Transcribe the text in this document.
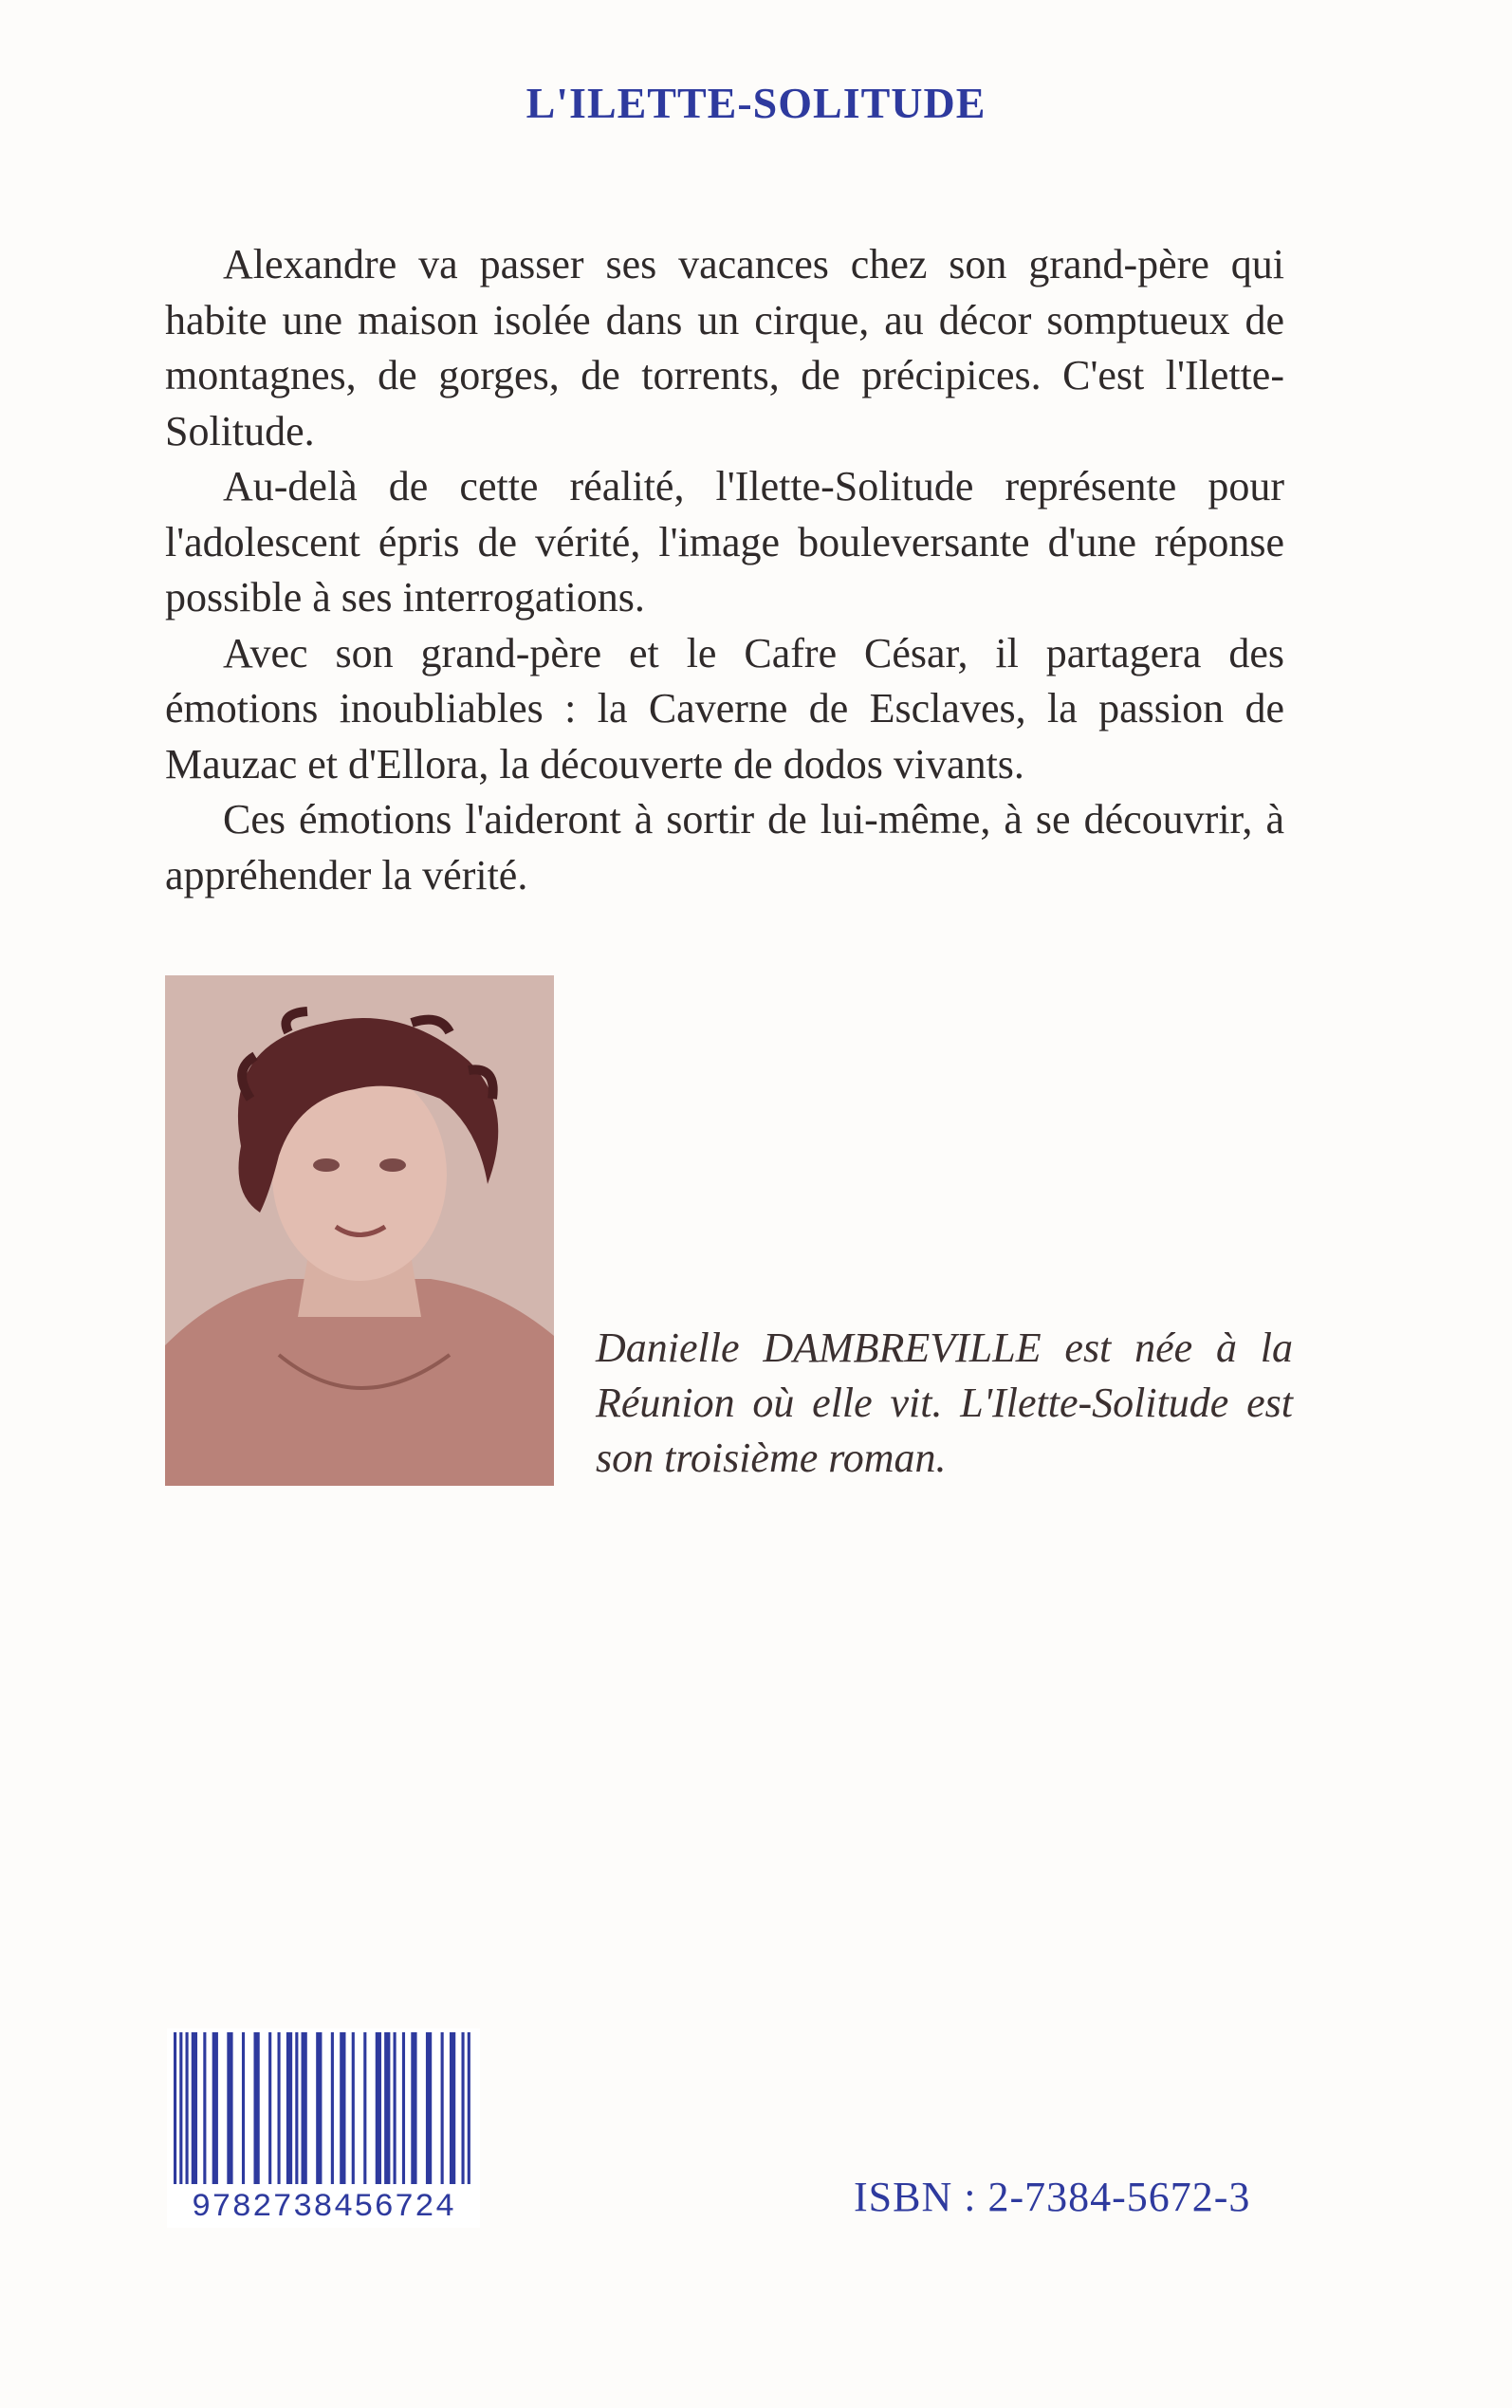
L'ILETTE-SOLITUDE

Alexandre va passer ses vacances chez son grand-père qui habite une maison isolée dans un cirque, au décor somptueux de montagnes, de gorges, de torrents, de précipices. C'est l'Ilette-Solitude.

Au-delà de cette réalité, l'Ilette-Solitude représente pour l'adolescent épris de vérité, l'image bouleversante d'une réponse possible à ses interrogations.

Avec son grand-père et le Cafre César, il partagera des émotions inoubliables : la Caverne de Esclaves, la passion de Mauzac et d'Ellora, la découverte de dodos vivants.

Ces émotions l'aideront à sortir de lui-même, à se découvrir, à appréhender la vérité.

Danielle DAMBREVILLE est née à la Réunion où elle vit. L'Ilette-Solitude est son troisième roman.

9782738456724	ISBN : 2-7384-5672-3
